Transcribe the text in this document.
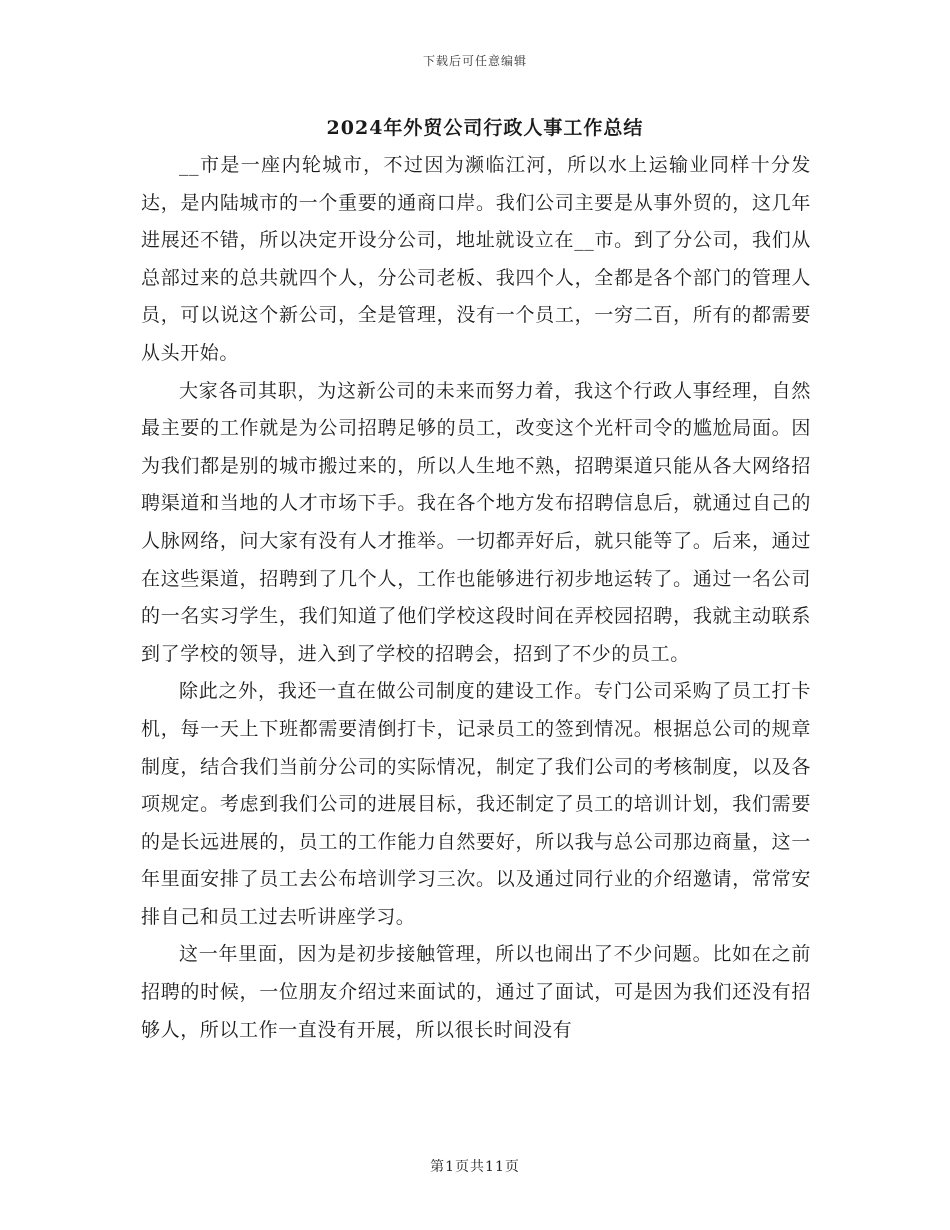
下载后可任意编辑
2024年外贸公司行政人事工作总结

__市是一座内轮城市，不过因为濒临江河，所以水上运输业同样十分发达，是内陆城市的一个重要的通商口岸。我们公司主要是从事外贸的，这几年进展还不错，所以决定开设分公司，地址就设立在__市。到了分公司，我们从总部过来的总共就四个人，分公司老板、我四个人，全都是各个部门的管理人员，可以说这个新公司，全是管理，没有一个员工，一穷二百，所有的都需要从头开始。

大家各司其职，为这新公司的未来而努力着，我这个行政人事经理，自然最主要的工作就是为公司招聘足够的员工，改变这个光杆司令的尴尬局面。因为我们都是别的城市搬过来的，所以人生地不熟，招聘渠道只能从各大网络招聘渠道和当地的人才市场下手。我在各个地方发布招聘信息后，就通过自己的人脉网络，问大家有没有人才推举。一切都弄好后，就只能等了。后来，通过在这些渠道，招聘到了几个人，工作也能够进行初步地运转了。通过一名公司的一名实习学生，我们知道了他们学校这段时间在弄校园招聘，我就主动联系到了学校的领导，进入到了学校的招聘会，招到了不少的员工。

除此之外，我还一直在做公司制度的建设工作。专门公司采购了员工打卡机，每一天上下班都需要清倒打卡，记录员工的签到情况。根据总公司的规章制度，结合我们当前分公司的实际情况，制定了我们公司的考核制度，以及各项规定。考虑到我们公司的进展目标，我还制定了员工的培训计划，我们需要的是长远进展的，员工的工作能力自然要好，所以我与总公司那边商量，这一年里面安排了员工去公布培训学习三次。以及通过同行业的介绍邀请，常常安排自己和员工过去听讲座学习。

这一年里面，因为是初步接触管理，所以也闹出了不少问题。比如在之前招聘的时候，一位朋友介绍过来面试的，通过了面试，可是因为我们还没有招够人，所以工作一直没有开展，所以很长时间没有

第1页共11页
